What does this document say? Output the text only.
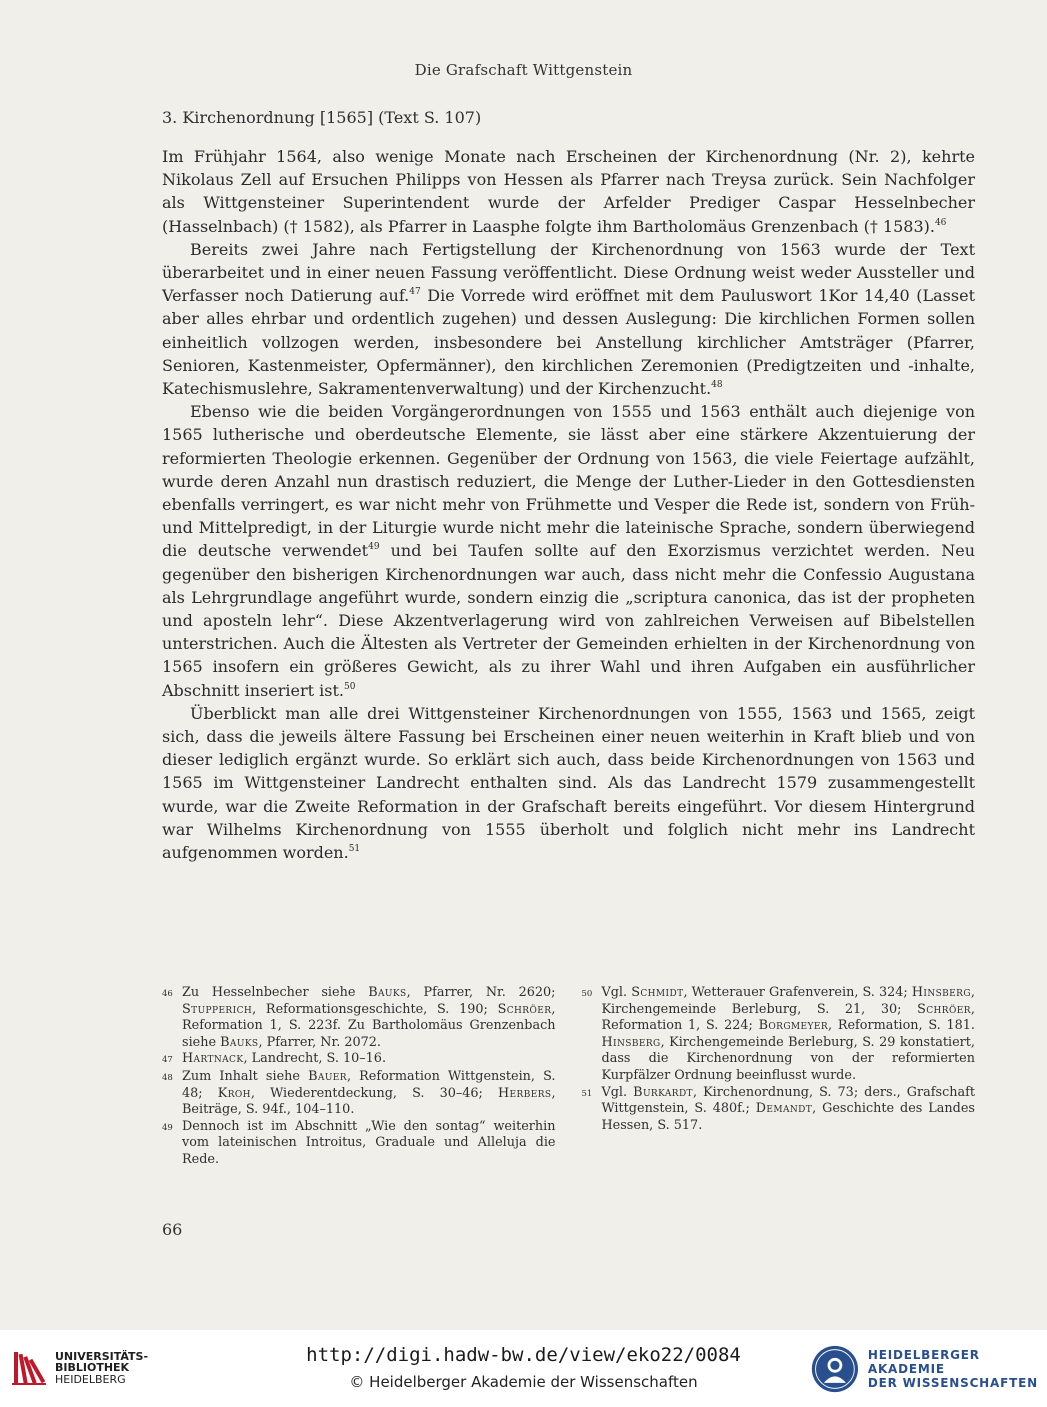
Die Grafschaft Wittgenstein
3. Kirchenordnung [1565] (Text S. 107)

Im Frühjahr 1564, also wenige Monate nach Erscheinen der Kirchenordnung (Nr. 2), kehrte Nikolaus Zell auf Ersuchen Philipps von Hessen als Pfarrer nach Treysa zurück. Sein Nachfolger als Wittgensteiner Superintendent wurde der Arfelder Prediger Caspar Hesselnbecher (Hasselnbach) († 1582), als Pfarrer in Laasphe folgte ihm Bartholomäus Grenzenbach († 1583).$^{46}$

Bereits zwei Jahre nach Fertigstellung der Kirchenordnung von 1563 wurde der Text überarbeitet und in einer neuen Fassung veröffentlicht. Diese Ordnung weist weder Aussteller und Verfasser noch Datierung auf.$^{47}$ Die Vorrede wird eröffnet mit dem Pauluswort 1Kor 14,40 (Lasset aber alles ehrbar und ordentlich zugehen) und dessen Auslegung: Die kirchlichen Formen sollen einheitlich vollzogen werden, insbesondere bei Anstellung kirchlicher Amtsträger (Pfarrer, Senioren, Kastenmeister, Opfermänner), den kirchlichen Zeremonien (Predigtzeiten und -inhalte, Katechismuslehre, Sakramentenverwaltung) und der Kirchenzucht.$^{48}$

Ebenso wie die beiden Vorgängerordnungen von 1555 und 1563 enthält auch diejenige von 1565 lutherische und oberdeutsche Elemente, sie lässt aber eine stärkere Akzentuierung der reformierten Theologie erkennen. Gegenüber der Ordnung von 1563, die viele Feiertage aufzählt, wurde deren Anzahl nun drastisch reduziert, die Menge der Luther-Lieder in den Gottesdiensten ebenfalls verringert, es war nicht mehr von Frühmette und Vesper die Rede ist, sondern von Früh- und Mittelpredigt, in der Liturgie wurde nicht mehr die lateinische Sprache, sondern überwiegend die deutsche verwendet$^{49}$ und bei Taufen sollte auf den Exorzismus verzichtet werden. Neu gegenüber den bisherigen Kirchenordnungen war auch, dass nicht mehr die Confessio Augustana als Lehrgrundlage angeführt wurde, sondern einzig die „scriptura canonica, das ist der propheten und aposteln lehr“. Diese Akzentverlagerung wird von zahlreichen Verweisen auf Bibelstellen unterstrichen. Auch die Ältesten als Vertreter der Gemeinden erhielten in der Kirchenordnung von 1565 insofern ein größeres Gewicht, als zu ihrer Wahl und ihren Aufgaben ein ausführlicher Abschnitt inseriert ist.$^{50}$

Überblickt man alle drei Wittgensteiner Kirchenordnungen von 1555, 1563 und 1565, zeigt sich, dass die jeweils ältere Fassung bei Erscheinen einer neuen weiterhin in Kraft blieb und von dieser lediglich ergänzt wurde. So erklärt sich auch, dass beide Kirchenordnungen von 1563 und 1565 im Wittgensteiner Landrecht enthalten sind. Als das Landrecht 1579 zusammengestellt wurde, war die Zweite Reformation in der Grafschaft bereits eingeführt. Vor diesem Hintergrund war Wilhelms Kirchenordnung von 1555 überholt und folglich nicht mehr ins Landrecht aufgenommen worden.$^{51}$

46 Zu Hesselnbecher siehe Bauks, Pfarrer, Nr. 2620; Stupperich, Reformationsgeschichte, S. 190; Schröer, Reformation 1, S. 223f. Zu Bartholomäus Grenzenbach siehe Bauks, Pfarrer, Nr. 2072.
47 Hartnack, Landrecht, S. 10–16.
48 Zum Inhalt siehe Bauer, Reformation Wittgenstein, S. 48; Kroh, Wiederentdeckung, S. 30–46; Herbers, Beiträge, S. 94f., 104–110.
49 Dennoch ist im Abschnitt „Wie den sontag“ weiterhin vom lateinischen Introitus, Graduale und Alleluja die Rede.
50 Vgl. Schmidt, Wetterauer Grafenverein, S. 324; Hinsberg, Kirchengemeinde Berleburg, S. 21, 30; Schröer, Reformation 1, S. 224; Borgmeyer, Reformation, S. 181. Hinsberg, Kirchengemeinde Berleburg, S. 29 konstatiert, dass die Kirchenordnung von der reformierten Kurpfälzer Ordnung beeinflusst wurde.
51 Vgl. Burkardt, Kirchenordnung, S. 73; ders., Grafschaft Wittgenstein, S. 480f.; Demandt, Geschichte des Landes Hessen, S. 517.
66
UNIVERSITÄTS-
BIBLIOTHEK
HEIDELBERG
http://digi.hadw-bw.de/view/eko22/0084
© Heidelberger Akademie der Wissenschaften
HEIDELBERGER AKADEMIE
DER WISSENSCHAFTEN
